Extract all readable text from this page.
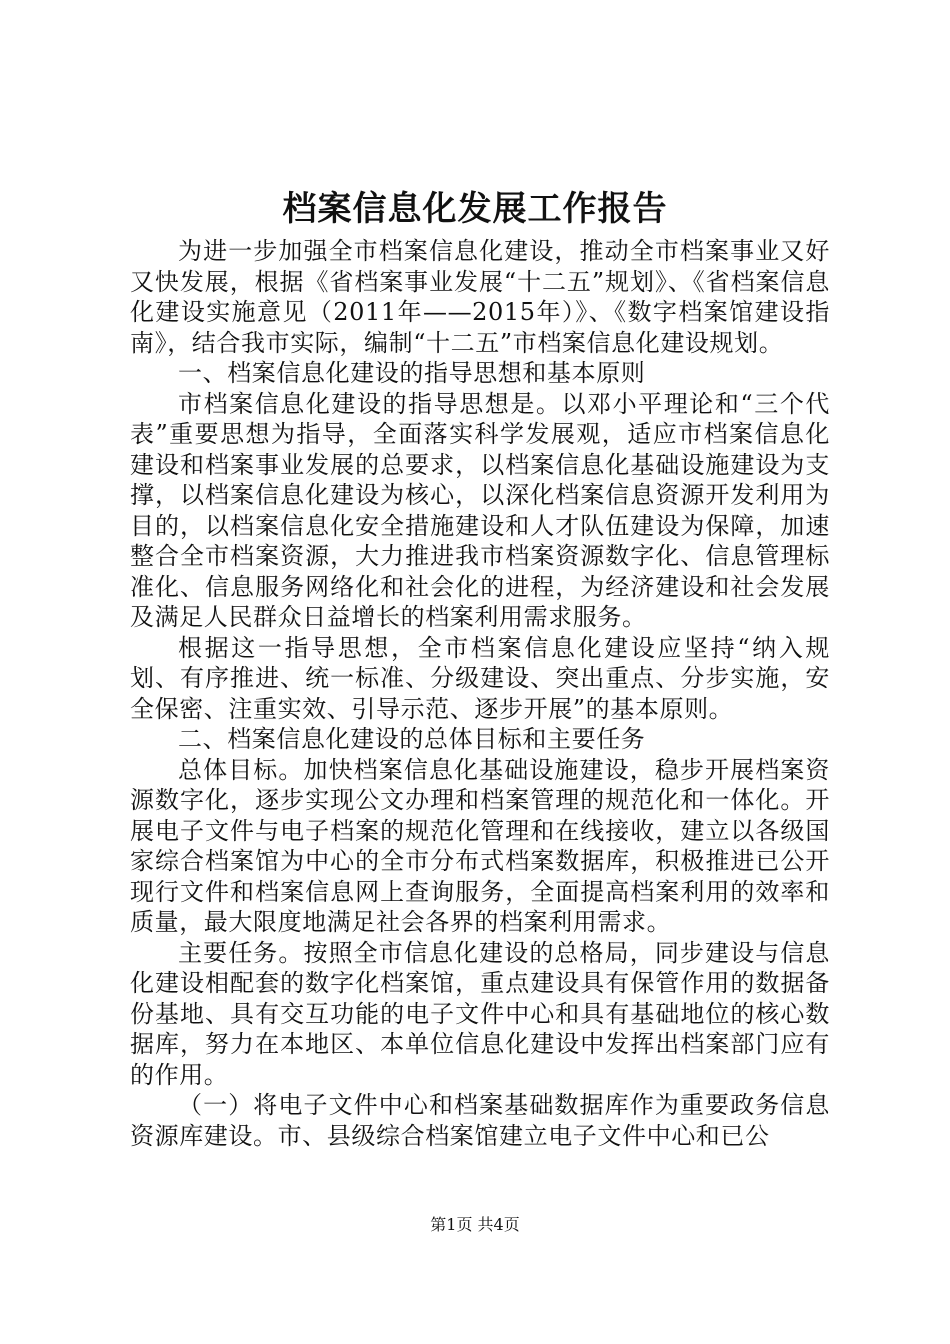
档案信息化发展工作报告

为进一步加强全市档案信息化建设，推动全市档案事业又好又快发展，根据《省档案事业发展“十二五”规划》、《省档案信息化建设实施意见（2011年——2015年）》、《数字档案馆建设指南》，结合我市实际，编制“十二五”市档案信息化建设规划。

一、档案信息化建设的指导思想和基本原则

市档案信息化建设的指导思想是。以邓小平理论和“三个代表”重要思想为指导，全面落实科学发展观，适应市档案信息化建设和档案事业发展的总要求，以档案信息化基础设施建设为支撑，以档案信息化建设为核心，以深化档案信息资源开发利用为目的，以档案信息化安全措施建设和人才队伍建设为保障，加速整合全市档案资源，大力推进我市档案资源数字化、信息管理标准化、信息服务网络化和社会化的进程，为经济建设和社会发展及满足人民群众日益增长的档案利用需求服务。

根据这一指导思想，全市档案信息化建设应坚持“纳入规划、有序推进、统一标准、分级建设、突出重点、分步实施，安全保密、注重实效、引导示范、逐步开展”的基本原则。

二、档案信息化建设的总体目标和主要任务

总体目标。加快档案信息化基础设施建设，稳步开展档案资源数字化，逐步实现公文办理和档案管理的规范化和一体化。开展电子文件与电子档案的规范化管理和在线接收，建立以各级国家综合档案馆为中心的全市分布式档案数据库，积极推进已公开现行文件和档案信息网上查询服务，全面提高档案利用的效率和质量，最大限度地满足社会各界的档案利用需求。

主要任务。按照全市信息化建设的总格局，同步建设与信息化建设相配套的数字化档案馆，重点建设具有保管作用的数据备份基地、具有交互功能的电子文件中心和具有基础地位的核心数据库，努力在本地区、本单位信息化建设中发挥出档案部门应有的作用。

（一）将电子文件中心和档案基础数据库作为重要政务信息资源库建设。市、县级综合档案馆建立电子文件中心和已公

第1页 共4页
